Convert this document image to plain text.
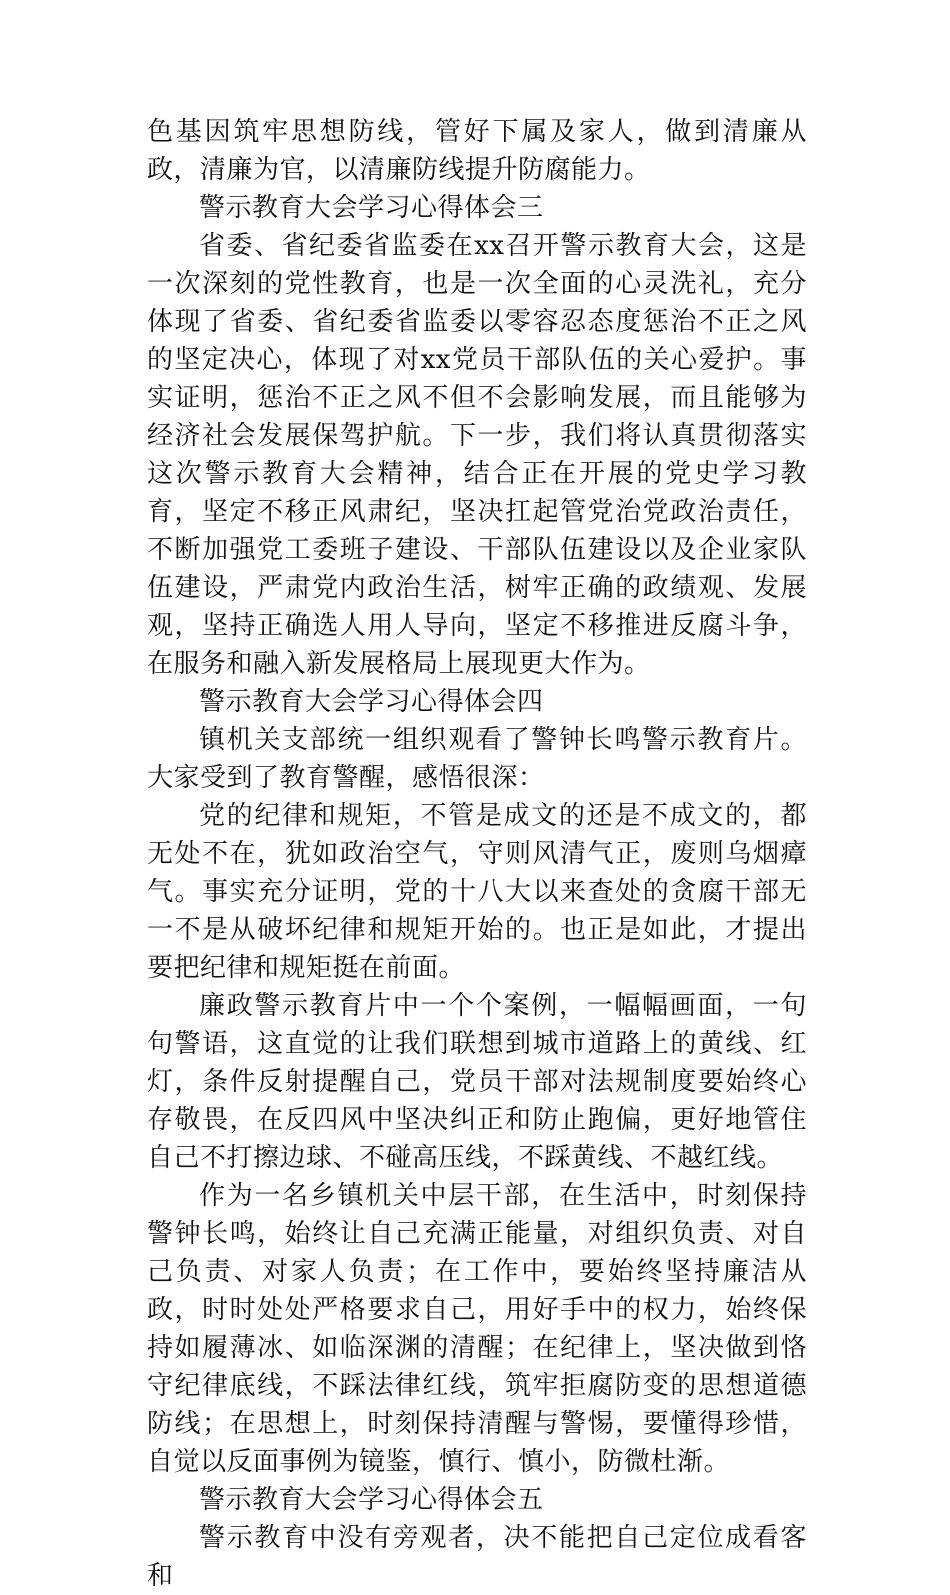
色基因筑牢思想防线，管好下属及家人，做到清廉从政，清廉为官，以清廉防线提升防腐能力。

警示教育大会学习心得体会三

省委、省纪委省监委在xx召开警示教育大会，这是一次深刻的党性教育，也是一次全面的心灵洗礼，充分体现了省委、省纪委省监委以零容忍态度惩治不正之风的坚定决心，体现了对xx党员干部队伍的关心爱护。事实证明，惩治不正之风不但不会影响发展，而且能够为经济社会发展保驾护航。下一步，我们将认真贯彻落实这次警示教育大会精神，结合正在开展的党史学习教育，坚定不移正风肃纪，坚决扛起管党治党政治责任，不断加强党工委班子建设、干部队伍建设以及企业家队伍建设，严肃党内政治生活，树牢正确的政绩观、发展观，坚持正确选人用人导向，坚定不移推进反腐斗争，在服务和融入新发展格局上展现更大作为。

警示教育大会学习心得体会四

镇机关支部统一组织观看了警钟长鸣警示教育片。大家受到了教育警醒，感悟很深：

党的纪律和规矩，不管是成文的还是不成文的，都无处不在，犹如政治空气，守则风清气正，废则乌烟瘴气。事实充分证明，党的十八大以来查处的贪腐干部无一不是从破坏纪律和规矩开始的。也正是如此，才提出要把纪律和规矩挺在前面。

廉政警示教育片中一个个案例，一幅幅画面，一句句警语，这直觉的让我们联想到城市道路上的黄线、红灯，条件反射提醒自己，党员干部对法规制度要始终心存敬畏，在反四风中坚决纠正和防止跑偏，更好地管住自己不打擦边球、不碰高压线，不踩黄线、不越红线。

作为一名乡镇机关中层干部，在生活中，时刻保持警钟长鸣，始终让自己充满正能量，对组织负责、对自己负责、对家人负责；在工作中，要始终坚持廉洁从政，时时处处严格要求自己，用好手中的权力，始终保持如履薄冰、如临深渊的清醒；在纪律上，坚决做到恪守纪律底线，不踩法律红线，筑牢拒腐防变的思想道德防线；在思想上，时刻保持清醒与警惕，要懂得珍惜，自觉以反面事例为镜鉴，慎行、慎小，防微杜渐。

警示教育大会学习心得体会五

警示教育中没有旁观者，决不能把自己定位成看客和
